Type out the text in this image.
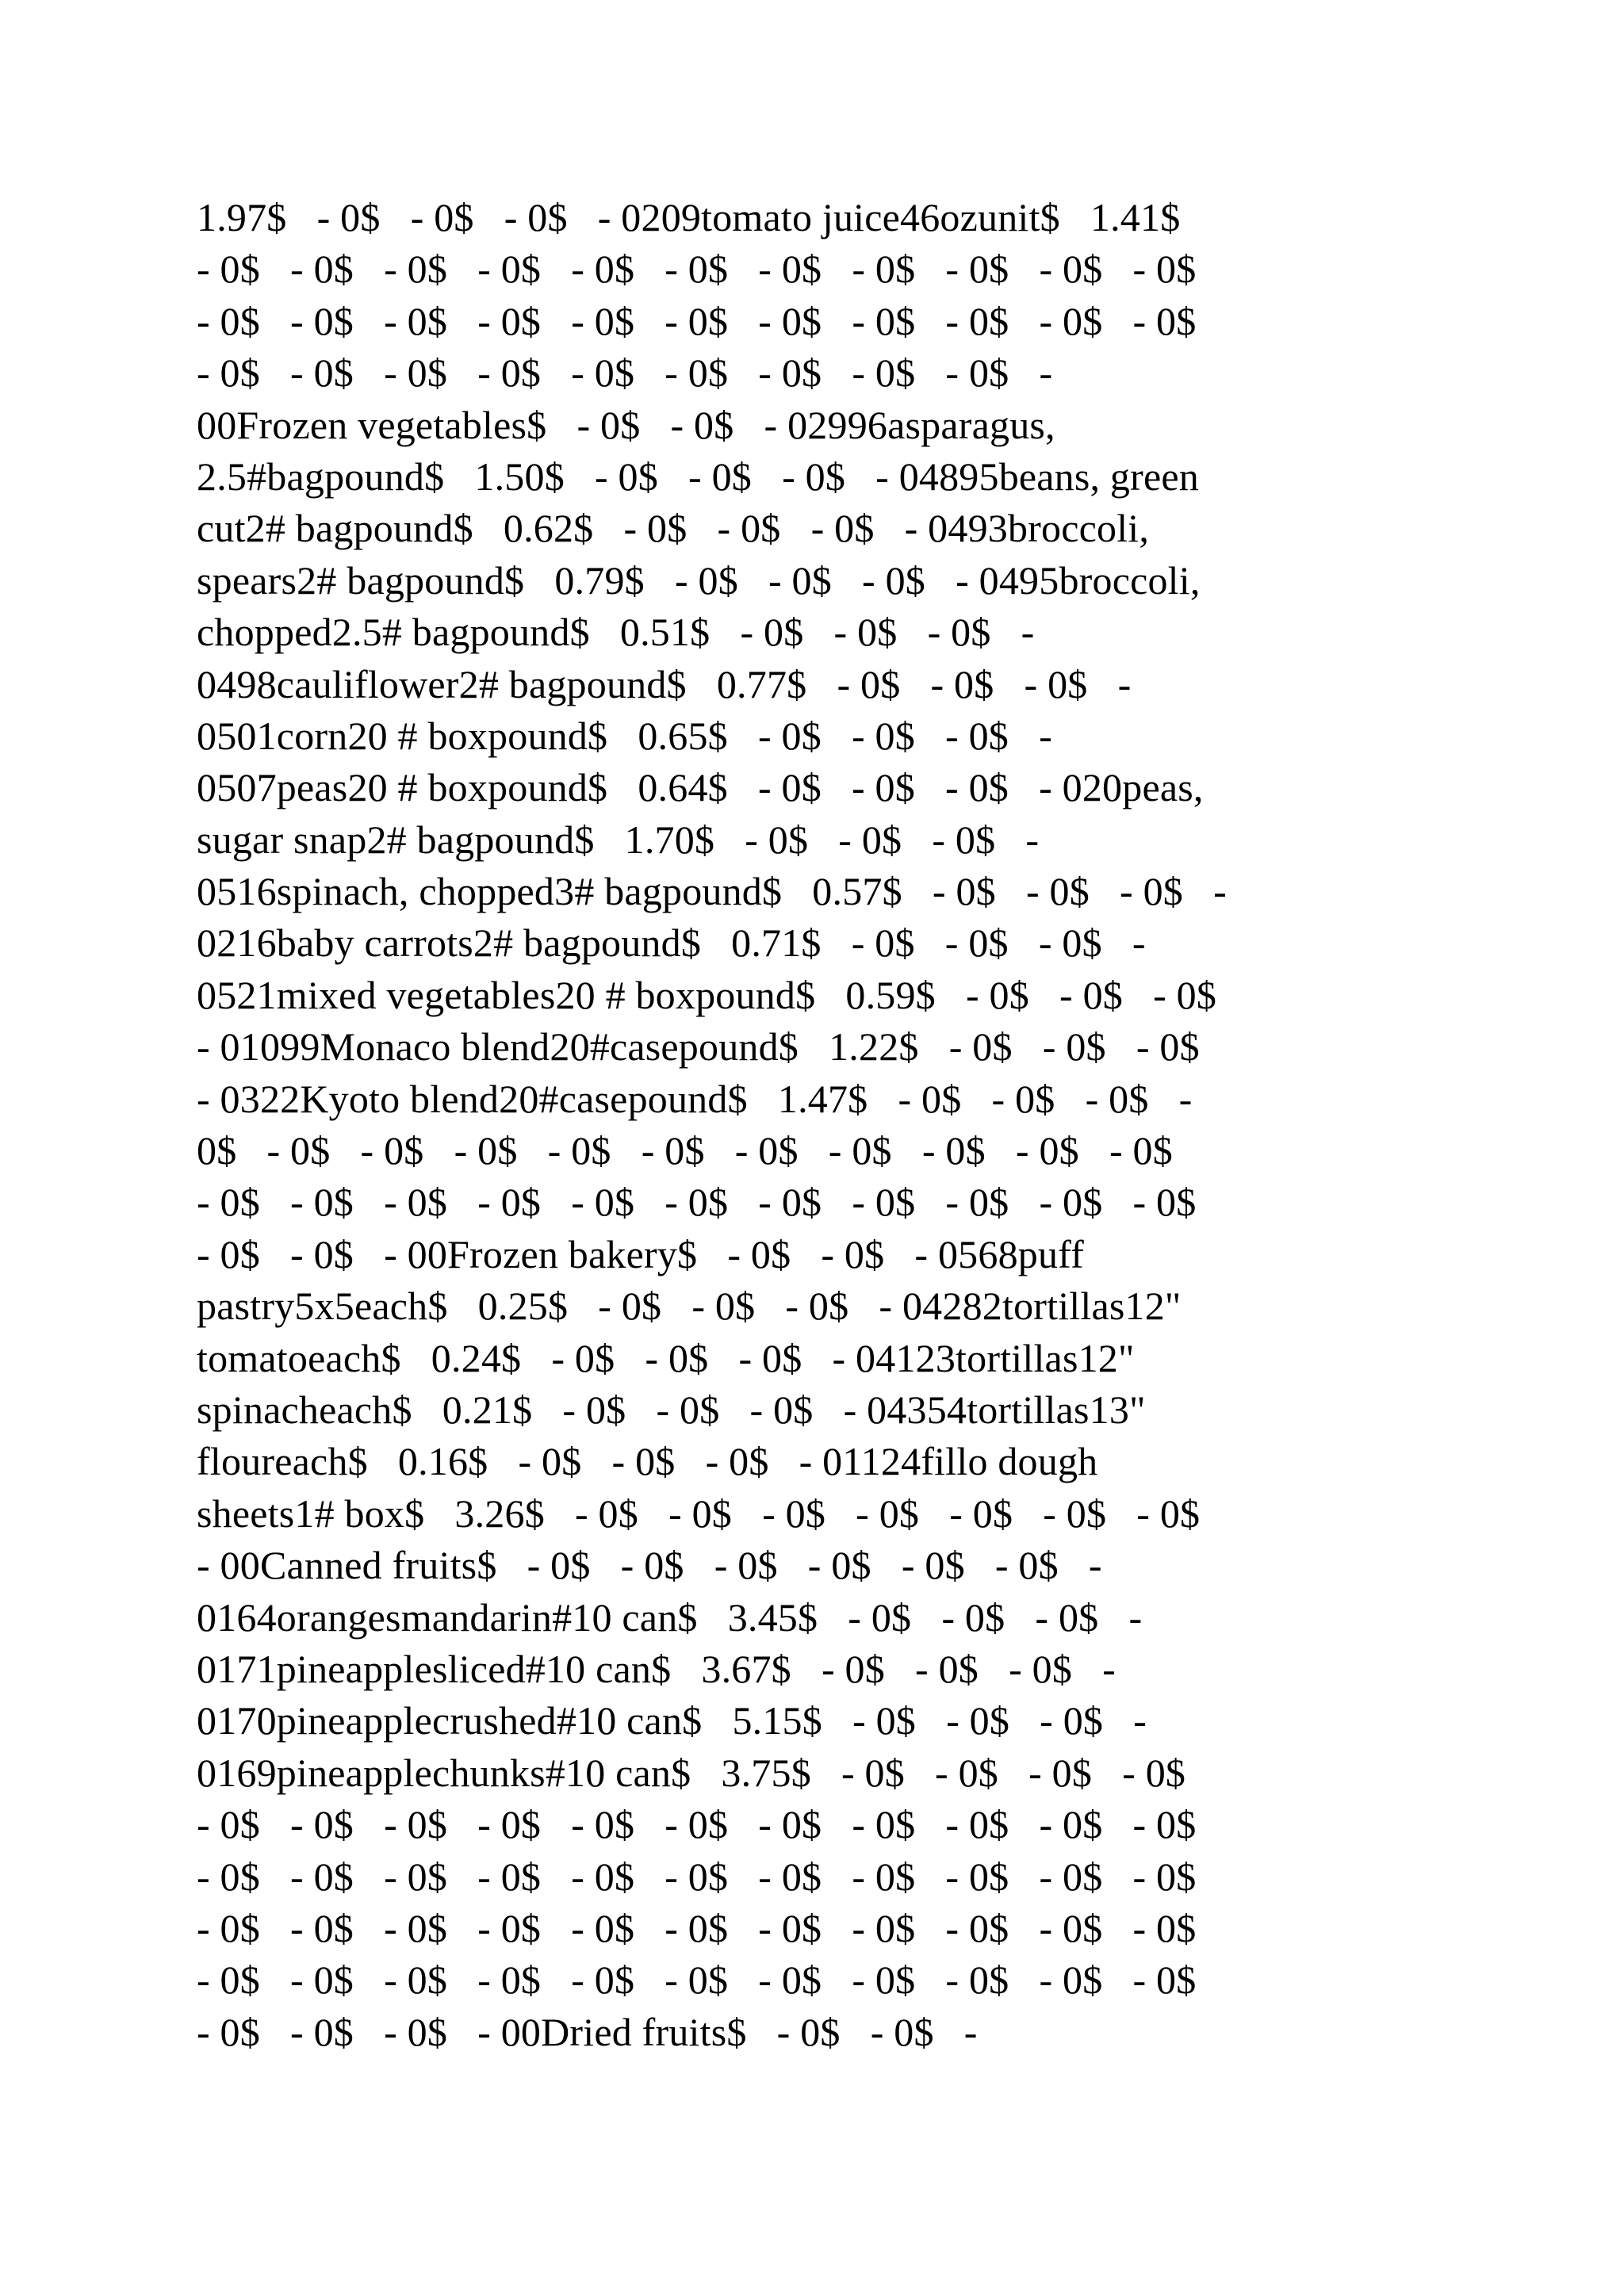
1.97$   - 0$   - 0$   - 0$   - 0209tomato juice46ozunit$   1.41$
- 0$   - 0$   - 0$   - 0$   - 0$   - 0$   - 0$   - 0$   - 0$   - 0$   - 0$
- 0$   - 0$   - 0$   - 0$   - 0$   - 0$   - 0$   - 0$   - 0$   - 0$   - 0$
- 0$   - 0$   - 0$   - 0$   - 0$   - 0$   - 0$   - 0$   - 0$   -
00Frozen vegetables$   - 0$   - 0$   - 02996asparagus,
2.5#bagpound$   1.50$   - 0$   - 0$   - 0$   - 04895beans, green
cut2# bagpound$   0.62$   - 0$   - 0$   - 0$   - 0493broccoli,
spears2# bagpound$   0.79$   - 0$   - 0$   - 0$   - 0495broccoli,
chopped2.5# bagpound$   0.51$   - 0$   - 0$   - 0$   -
0498cauliflower2# bagpound$   0.77$   - 0$   - 0$   - 0$   -
0501corn20 # boxpound$   0.65$   - 0$   - 0$   - 0$   -
0507peas20 # boxpound$   0.64$   - 0$   - 0$   - 0$   - 020peas,
sugar snap2# bagpound$   1.70$   - 0$   - 0$   - 0$   -
0516spinach, chopped3# bagpound$   0.57$   - 0$   - 0$   - 0$   -
0216baby carrots2# bagpound$   0.71$   - 0$   - 0$   - 0$   -
0521mixed vegetables20 # boxpound$   0.59$   - 0$   - 0$   - 0$
- 01099Monaco blend20#casepound$   1.22$   - 0$   - 0$   - 0$
- 0322Kyoto blend20#casepound$   1.47$   - 0$   - 0$   - 0$   -
0$   - 0$   - 0$   - 0$   - 0$   - 0$   - 0$   - 0$   - 0$   - 0$   - 0$
- 0$   - 0$   - 0$   - 0$   - 0$   - 0$   - 0$   - 0$   - 0$   - 0$   - 0$
- 0$   - 0$   - 00Frozen bakery$   - 0$   - 0$   - 0568puff
pastry5x5each$   0.25$   - 0$   - 0$   - 0$   - 04282tortillas12"
tomatoeach$   0.24$   - 0$   - 0$   - 0$   - 04123tortillas12"
spinacheach$   0.21$   - 0$   - 0$   - 0$   - 04354tortillas13"
floureach$   0.16$   - 0$   - 0$   - 0$   - 01124fillo dough
sheets1# box$   3.26$   - 0$   - 0$   - 0$   - 0$   - 0$   - 0$   - 0$
- 00Canned fruits$   - 0$   - 0$   - 0$   - 0$   - 0$   - 0$   -
0164orangesmandarin#10 can$   3.45$   - 0$   - 0$   - 0$   -
0171pineapplesliced#10 can$   3.67$   - 0$   - 0$   - 0$   -
0170pineapplecrushed#10 can$   5.15$   - 0$   - 0$   - 0$   -
0169pineapplechunks#10 can$   3.75$   - 0$   - 0$   - 0$   - 0$
- 0$   - 0$   - 0$   - 0$   - 0$   - 0$   - 0$   - 0$   - 0$   - 0$   - 0$
- 0$   - 0$   - 0$   - 0$   - 0$   - 0$   - 0$   - 0$   - 0$   - 0$   - 0$
- 0$   - 0$   - 0$   - 0$   - 0$   - 0$   - 0$   - 0$   - 0$   - 0$   - 0$
- 0$   - 0$   - 0$   - 0$   - 0$   - 0$   - 0$   - 0$   - 0$   - 0$   - 0$
- 0$   - 0$   - 0$   - 00Dried fruits$   - 0$   - 0$   -
